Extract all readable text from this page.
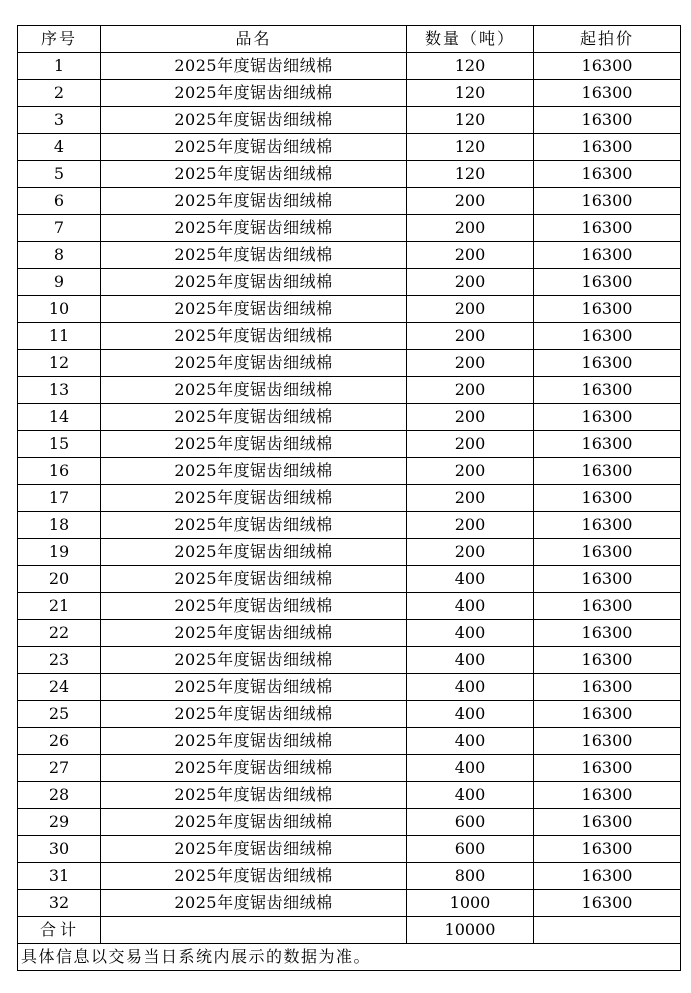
序号	品名	数量（吨）	起拍价
1	2025年度锯齿细绒棉	120	16300
2	2025年度锯齿细绒棉	120	16300
3	2025年度锯齿细绒棉	120	16300
4	2025年度锯齿细绒棉	120	16300
5	2025年度锯齿细绒棉	120	16300
6	2025年度锯齿细绒棉	200	16300
7	2025年度锯齿细绒棉	200	16300
8	2025年度锯齿细绒棉	200	16300
9	2025年度锯齿细绒棉	200	16300
10	2025年度锯齿细绒棉	200	16300
11	2025年度锯齿细绒棉	200	16300
12	2025年度锯齿细绒棉	200	16300
13	2025年度锯齿细绒棉	200	16300
14	2025年度锯齿细绒棉	200	16300
15	2025年度锯齿细绒棉	200	16300
16	2025年度锯齿细绒棉	200	16300
17	2025年度锯齿细绒棉	200	16300
18	2025年度锯齿细绒棉	200	16300
19	2025年度锯齿细绒棉	200	16300
20	2025年度锯齿细绒棉	400	16300
21	2025年度锯齿细绒棉	400	16300
22	2025年度锯齿细绒棉	400	16300
23	2025年度锯齿细绒棉	400	16300
24	2025年度锯齿细绒棉	400	16300
25	2025年度锯齿细绒棉	400	16300
26	2025年度锯齿细绒棉	400	16300
27	2025年度锯齿细绒棉	400	16300
28	2025年度锯齿细绒棉	400	16300
29	2025年度锯齿细绒棉	600	16300
30	2025年度锯齿细绒棉	600	16300
31	2025年度锯齿细绒棉	800	16300
32	2025年度锯齿细绒棉	1000	16300
合计		10000	
具体信息以交易当日系统内展示的数据为准。			
